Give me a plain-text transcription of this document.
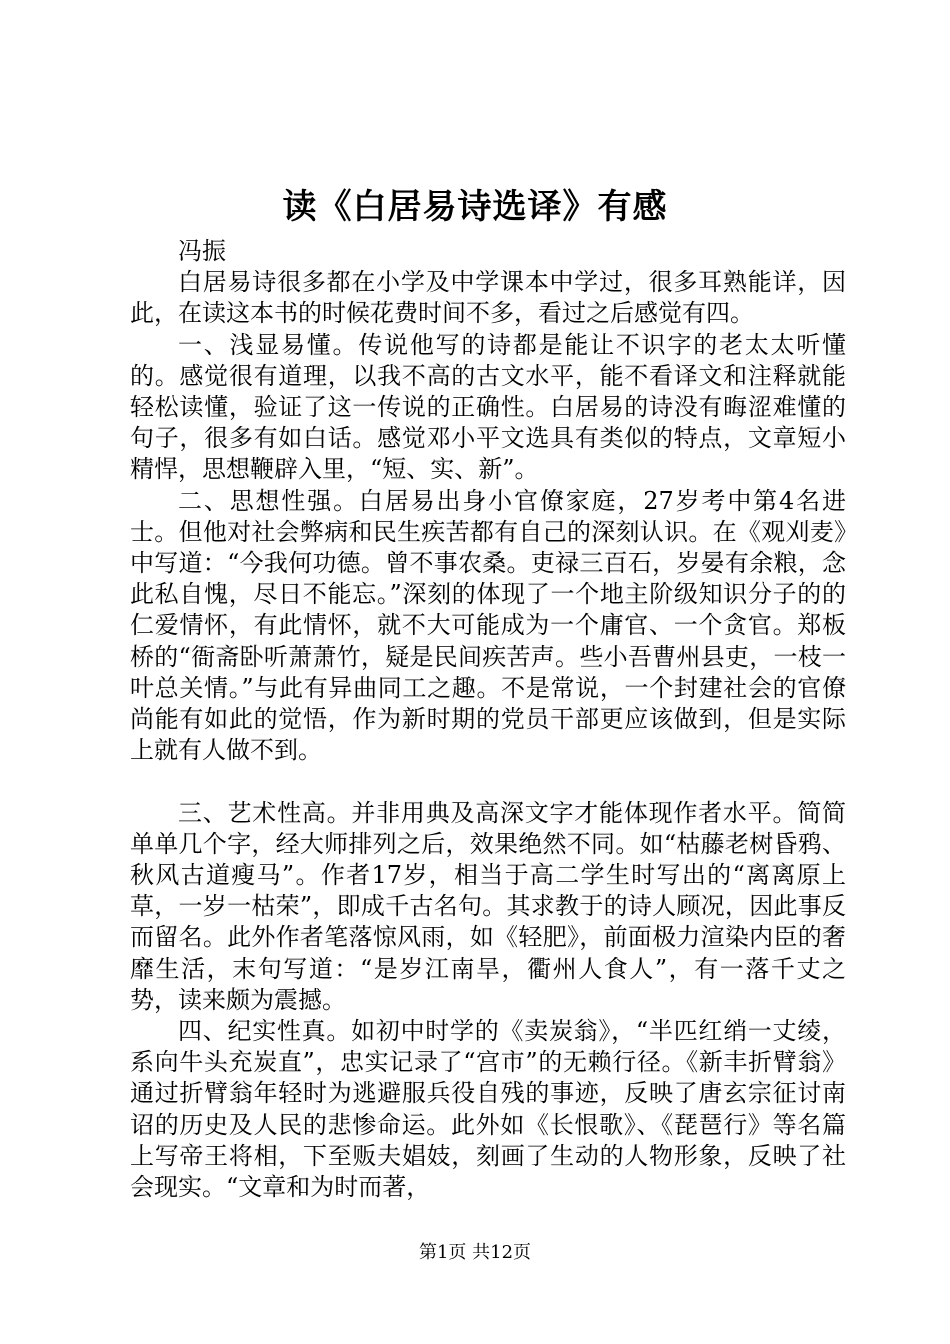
读《白居易诗选译》有感

冯振

白居易诗很多都在小学及中学课本中学过，很多耳熟能详，因此，在读这本书的时候花费时间不多，看过之后感觉有四。

一、浅显易懂。传说他写的诗都是能让不识字的老太太听懂的。感觉很有道理，以我不高的古文水平，能不看译文和注释就能轻松读懂，验证了这一传说的正确性。白居易的诗没有晦涩难懂的句子，很多有如白话。感觉邓小平文选具有类似的特点，文章短小精悍，思想鞭辟入里，“短、实、新”。

二、思想性强。白居易出身小官僚家庭，27岁考中第4名进士。但他对社会弊病和民生疾苦都有自己的深刻认识。在《观刈麦》中写道：“今我何功德。曾不事农桑。吏禄三百石，岁晏有余粮，念此私自愧，尽日不能忘。”深刻的体现了一个地主阶级知识分子的的仁爱情怀，有此情怀，就不大可能成为一个庸官、一个贪官。郑板桥的“衙斋卧听萧萧竹，疑是民间疾苦声。些小吾曹州县吏，一枝一叶总关情。”与此有异曲同工之趣。不是常说，一个封建社会的官僚尚能有如此的觉悟，作为新时期的党员干部更应该做到，但是实际上就有人做不到。

三、艺术性高。并非用典及高深文字才能体现作者水平。简简单单几个字，经大师排列之后，效果绝然不同。如“枯藤老树昏鸦、秋风古道瘦马”。作者17岁，相当于高二学生时写出的“离离原上草，一岁一枯荣”，即成千古名句。其求教于的诗人顾况，因此事反而留名。此外作者笔落惊风雨，如《轻肥》，前面极力渲染内臣的奢靡生活，末句写道：“是岁江南旱，衢州人食人”，有一落千丈之势，读来颇为震撼。

四、纪实性真。如初中时学的《卖炭翁》，“半匹红绡一丈绫，系向牛头充炭直”，忠实记录了“宫市”的无赖行径。《新丰折臂翁》通过折臂翁年轻时为逃避服兵役自残的事迹，反映了唐玄宗征讨南诏的历史及人民的悲惨命运。此外如《长恨歌》、《琵琶行》等名篇上写帝王将相，下至贩夫娼妓，刻画了生动的人物形象，反映了社会现实。“文章和为时而著，

第1页 共12页
